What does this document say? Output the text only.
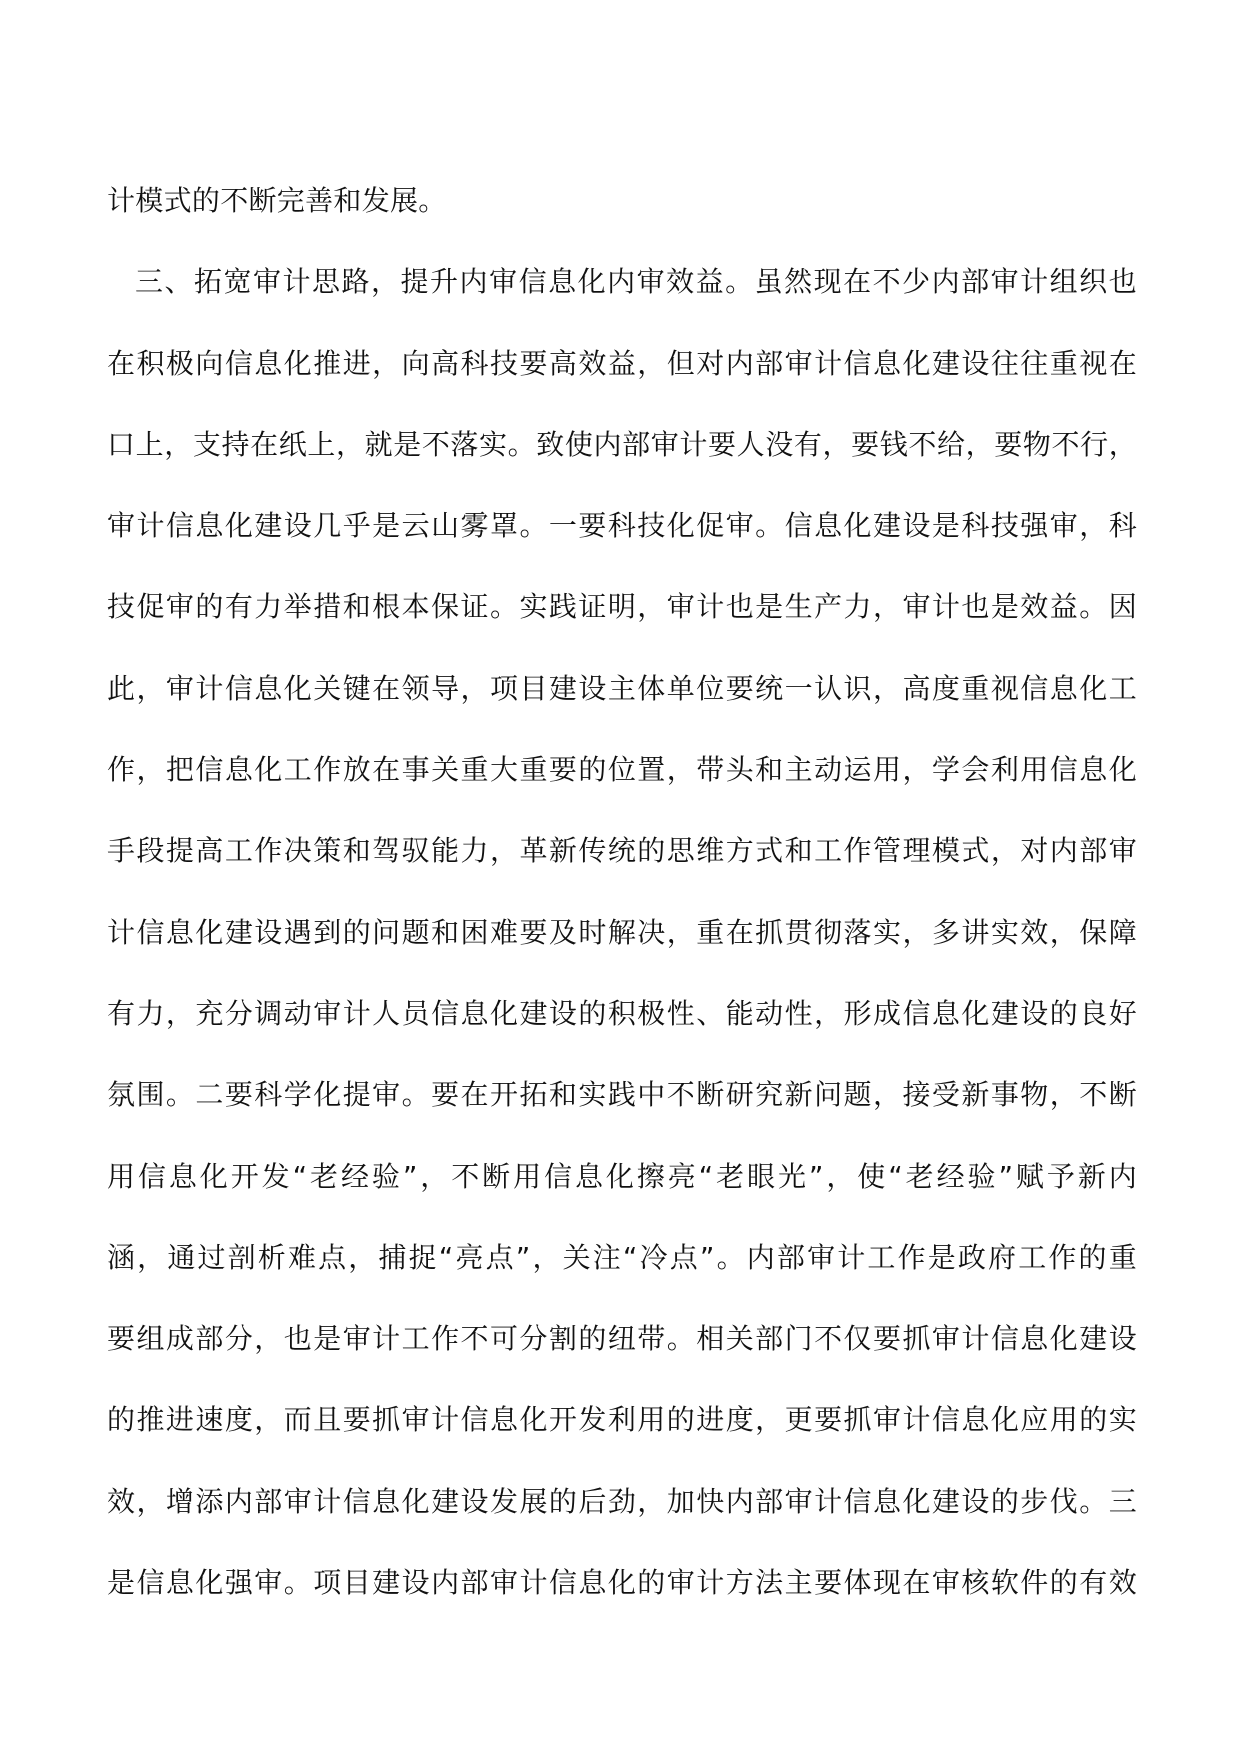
计模式的不断完善和发展。
三、拓宽审计思路，提升内审信息化内审效益。虽然现在不少内部审计组织也
在积极向信息化推进，向高科技要高效益，但对内部审计信息化建设往往重视在
口上，支持在纸上，就是不落实。致使内部审计要人没有，要钱不给，要物不行，
审计信息化建设几乎是云山雾罩。一要科技化促审。信息化建设是科技强审，科
技促审的有力举措和根本保证。实践证明，审计也是生产力，审计也是效益。因
此，审计信息化关键在领导，项目建设主体单位要统一认识，高度重视信息化工
作，把信息化工作放在事关重大重要的位置，带头和主动运用，学会利用信息化
手段提高工作决策和驾驭能力，革新传统的思维方式和工作管理模式，对内部审
计信息化建设遇到的问题和困难要及时解决，重在抓贯彻落实，多讲实效，保障
有力，充分调动审计人员信息化建设的积极性、能动性，形成信息化建设的良好
氛围。二要科学化提审。要在开拓和实践中不断研究新问题，接受新事物，不断
用信息化开发“老经验”，不断用信息化擦亮“老眼光”，使“老经验”赋予新内
涵，通过剖析难点，捕捉“亮点”，关注“冷点”。内部审计工作是政府工作的重
要组成部分，也是审计工作不可分割的纽带。相关部门不仅要抓审计信息化建设
的推进速度，而且要抓审计信息化开发利用的进度，更要抓审计信息化应用的实
效，增添内部审计信息化建设发展的后劲，加快内部审计信息化建设的步伐。三
是信息化强审。项目建设内部审计信息化的审计方法主要体现在审核软件的有效
